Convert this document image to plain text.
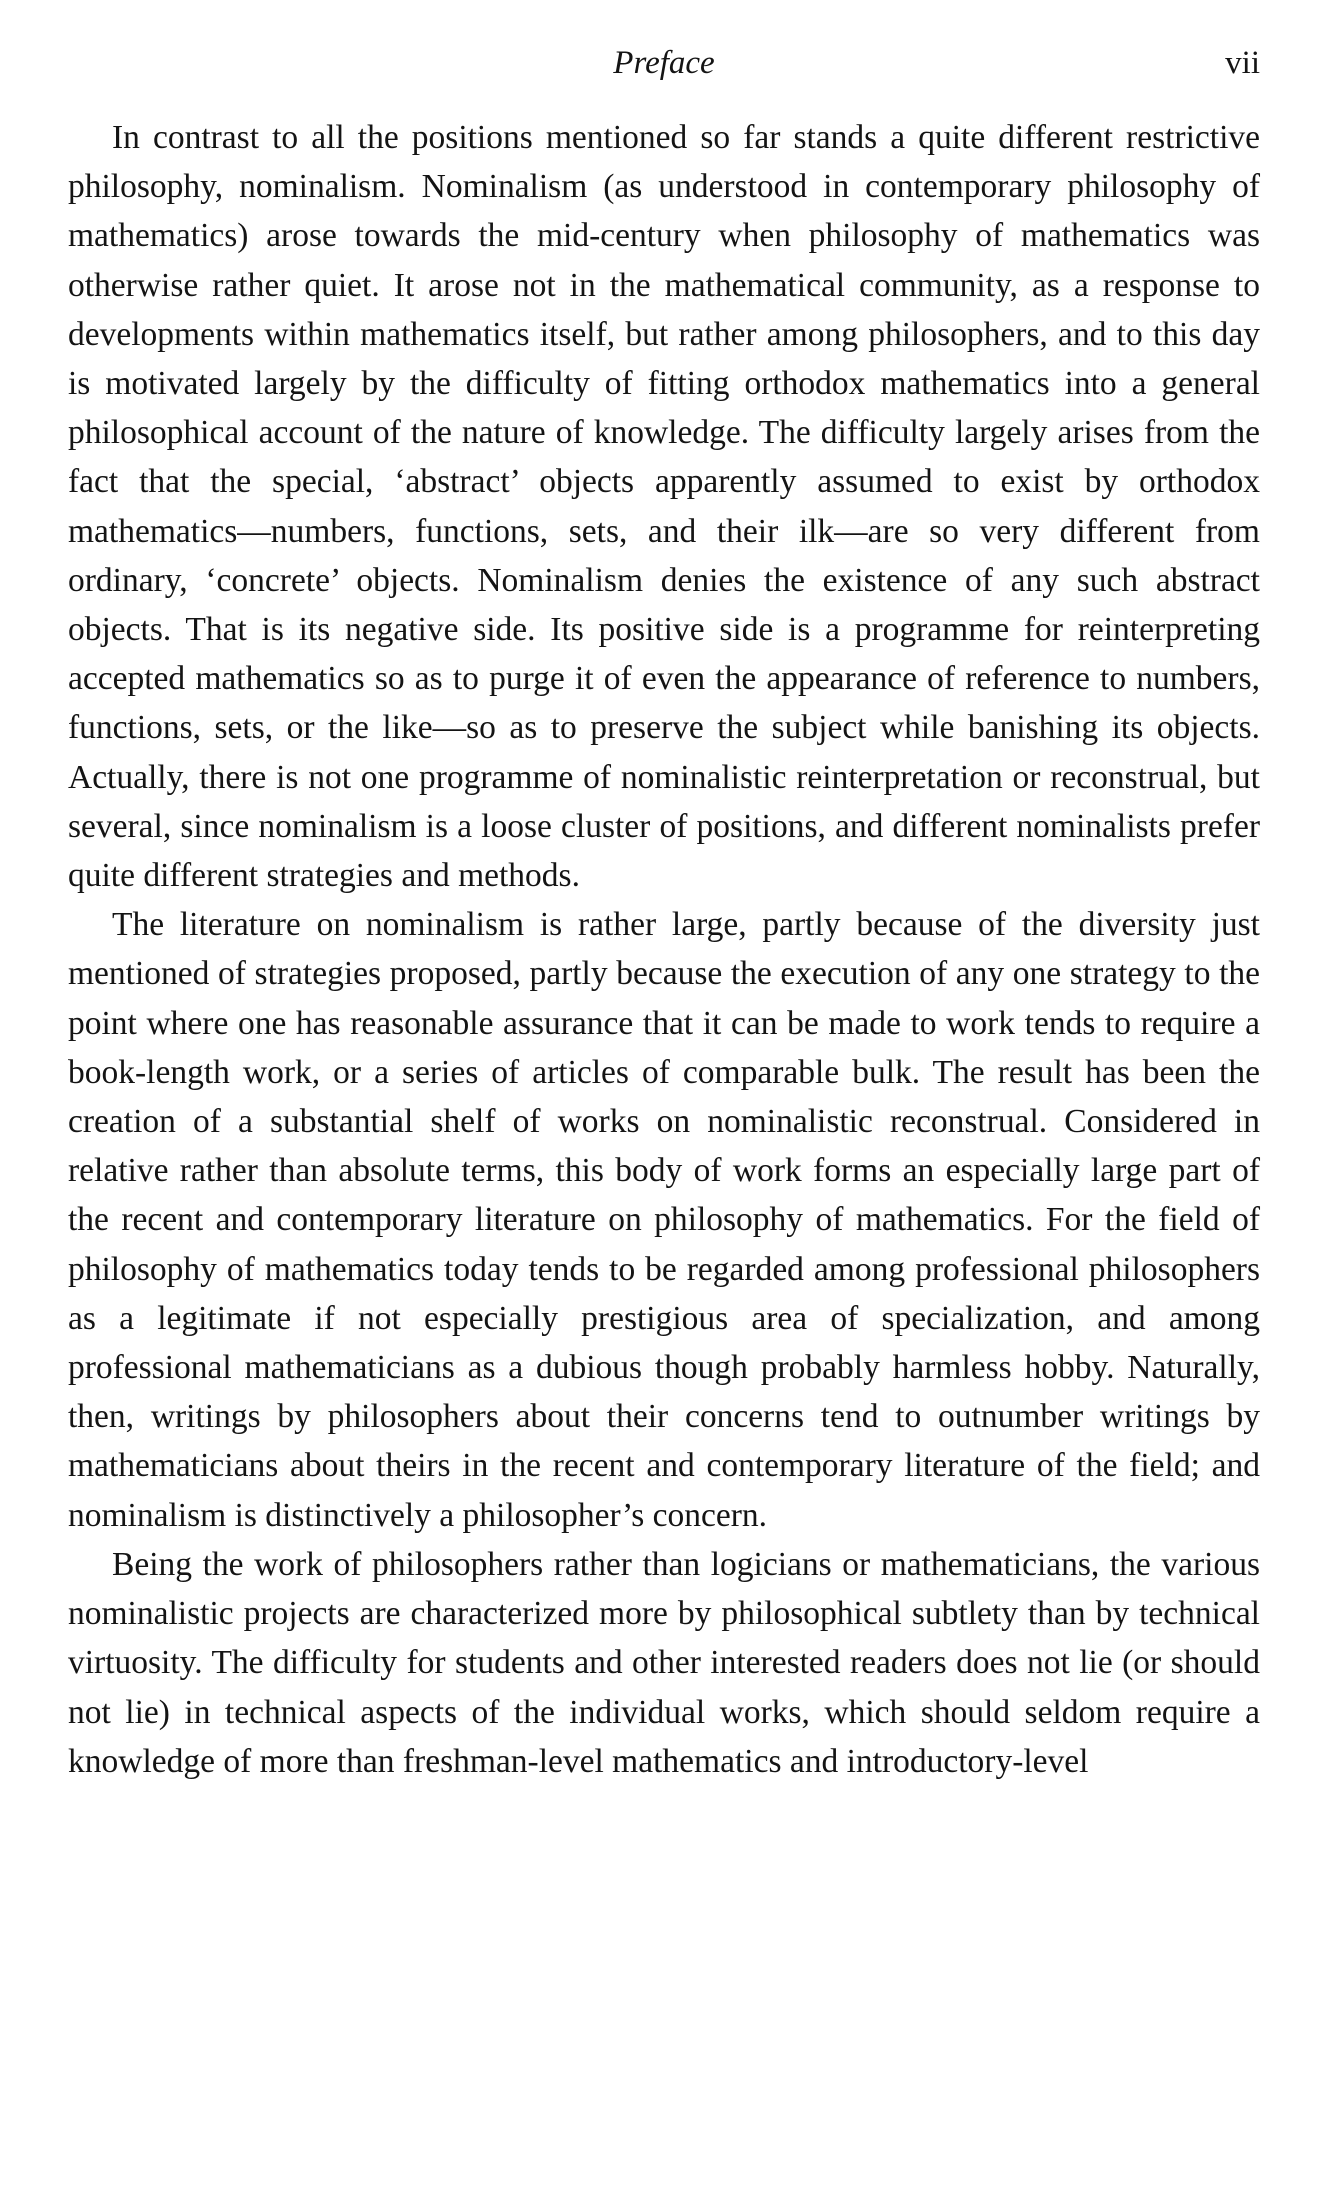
Preface	vii

In contrast to all the positions mentioned so far stands a quite different restrictive philosophy, nominalism. Nominalism (as understood in contemporary philosophy of mathematics) arose towards the mid-century when philosophy of mathematics was otherwise rather quiet. It arose not in the mathematical community, as a response to developments within mathematics itself, but rather among philosophers, and to this day is motivated largely by the difficulty of fitting orthodox mathematics into a general philosophical account of the nature of knowledge. The difficulty largely arises from the fact that the special, ‘abstract’ objects apparently assumed to exist by orthodox mathematics—numbers, functions, sets, and their ilk—are so very different from ordinary, ‘concrete’ objects. Nominalism denies the existence of any such abstract objects. That is its negative side. Its positive side is a programme for reinterpreting accepted mathematics so as to purge it of even the appearance of reference to numbers, functions, sets, or the like—so as to preserve the subject while banishing its objects. Actually, there is not one programme of nominalistic reinterpretation or reconstrual, but several, since nominalism is a loose cluster of positions, and different nominalists prefer quite different strategies and methods.

The literature on nominalism is rather large, partly because of the diversity just mentioned of strategies proposed, partly because the execution of any one strategy to the point where one has reasonable assurance that it can be made to work tends to require a book-length work, or a series of articles of comparable bulk. The result has been the creation of a substantial shelf of works on nominalistic reconstrual. Considered in relative rather than absolute terms, this body of work forms an especially large part of the recent and contemporary literature on philosophy of mathematics. For the field of philosophy of mathematics today tends to be regarded among professional philosophers as a legitimate if not especially prestigious area of specialization, and among professional mathematicians as a dubious though probably harmless hobby. Naturally, then, writings by philosophers about their concerns tend to outnumber writings by mathematicians about theirs in the recent and contemporary literature of the field; and nominalism is distinctively a philosopher’s concern.

Being the work of philosophers rather than logicians or mathematicians, the various nominalistic projects are characterized more by philosophical subtlety than by technical virtuosity. The difficulty for students and other interested readers does not lie (or should not lie) in technical aspects of the individual works, which should seldom require a knowledge of more than freshman-level mathematics and introductory-level
